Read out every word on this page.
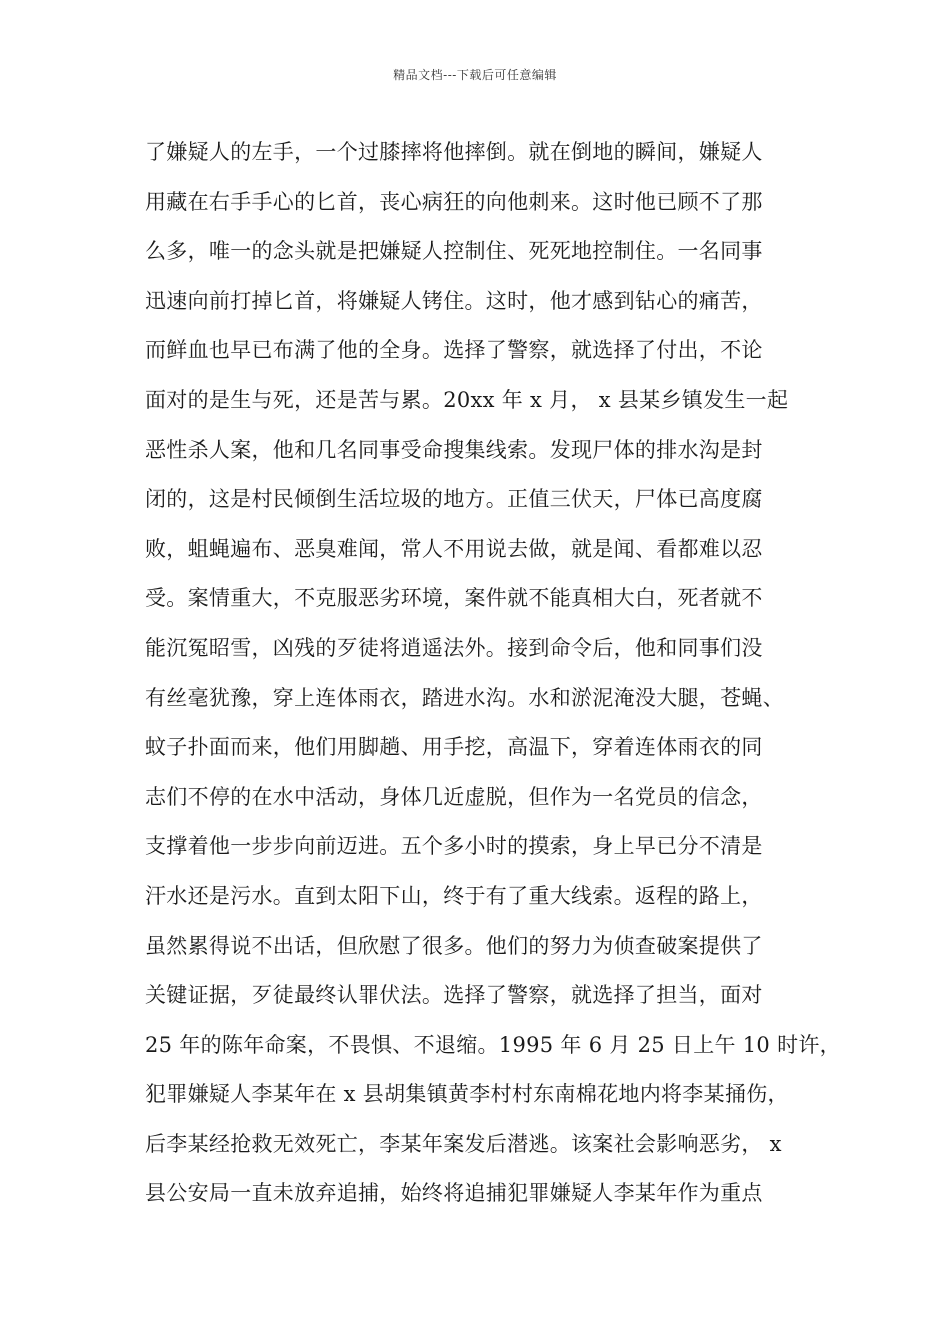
精品文档---下载后可任意编辑
了嫌疑人的左手，一个过膝摔将他摔倒。就在倒地的瞬间，嫌疑人
用藏在右手手心的匕首，丧心病狂的向他刺来。这时他已顾不了那
么多，唯一的念头就是把嫌疑人控制住、死死地控制住。一名同事
迅速向前打掉匕首，将嫌疑人铐住。这时，他才感到钻心的痛苦，
而鲜血也早已布满了他的全身。选择了警察，就选择了付出，不论
面对的是生与死，还是苦与累。20xx 年 x 月， x 县某乡镇发生一起
恶性杀人案，他和几名同事受命搜集线索。发现尸体的排水沟是封
闭的，这是村民倾倒生活垃圾的地方。正值三伏天，尸体已高度腐
败，蛆蝇遍布、恶臭难闻，常人不用说去做，就是闻、看都难以忍
受。案情重大，不克服恶劣环境，案件就不能真相大白，死者就不
能沉冤昭雪，凶残的歹徒将逍遥法外。接到命令后，他和同事们没
有丝毫犹豫，穿上连体雨衣，踏进水沟。水和淤泥淹没大腿，苍蝇、
蚊子扑面而来，他们用脚趟、用手挖，高温下，穿着连体雨衣的同
志们不停的在水中活动，身体几近虚脱，但作为一名党员的信念，
支撑着他一步步向前迈进。五个多小时的摸索，身上早已分不清是
汗水还是污水。直到太阳下山，终于有了重大线索。返程的路上，
虽然累得说不出话，但欣慰了很多。他们的努力为侦查破案提供了
关键证据，歹徒最终认罪伏法。选择了警察，就选择了担当，面对
25 年的陈年命案，不畏惧、不退缩。1995 年 6 月 25 日上午 10 时许，
犯罪嫌疑人李某年在 x 县胡集镇黄李村村东南棉花地内将李某捅伤，
后李某经抢救无效死亡，李某年案发后潜逃。该案社会影响恶劣， x
县公安局一直未放弃追捕，始终将追捕犯罪嫌疑人李某年作为重点
